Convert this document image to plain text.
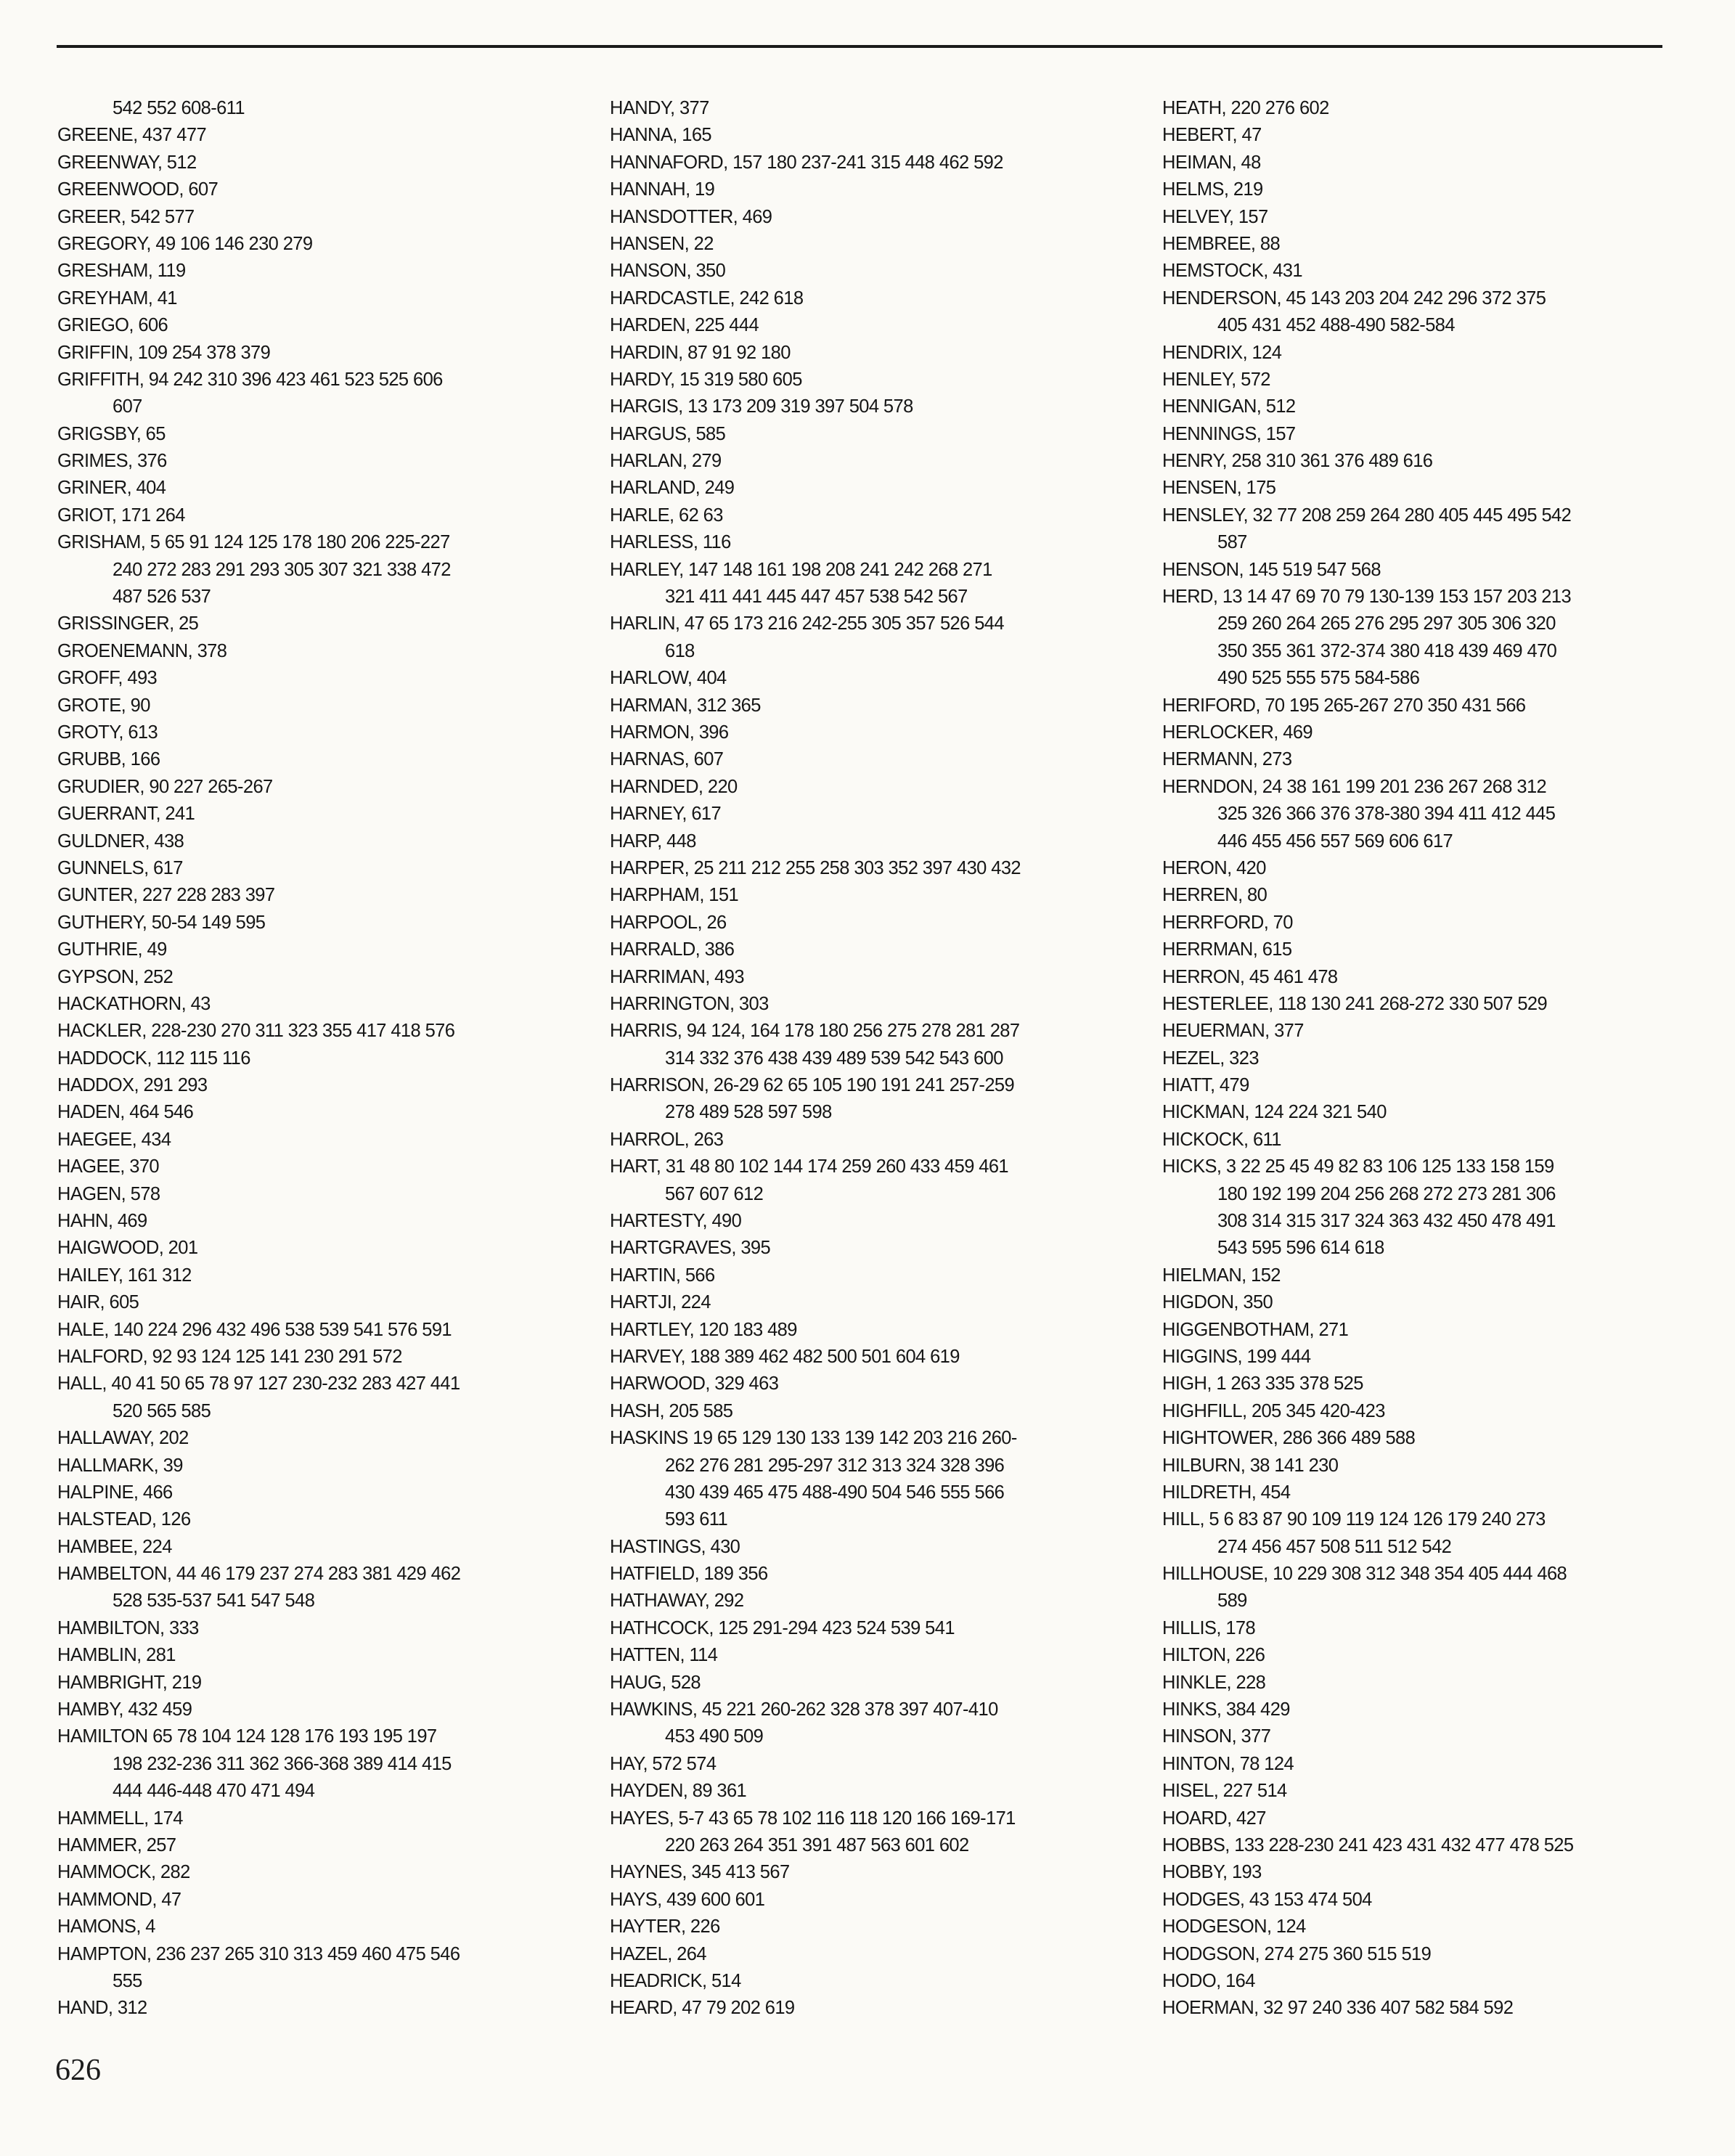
542 552 608-611
GREENE, 437 477
GREENWAY, 512
GREENWOOD, 607
GREER, 542 577
GREGORY, 49 106 146 230 279
GRESHAM, 119
GREYHAM, 41
GRIEGO, 606
GRIFFIN, 109 254 378 379
GRIFFITH, 94 242 310 396 423 461 523 525 606
607
GRIGSBY, 65
GRIMES, 376
GRINER, 404
GRIOT, 171 264
GRISHAM, 5 65 91 124 125 178 180 206 225-227
240 272 283 291 293 305 307 321 338 472
487 526 537
GRISSINGER, 25
GROENEMANN, 378
GROFF, 493
GROTE, 90
GROTY, 613
GRUBB, 166
GRUDIER, 90 227 265-267
GUERRANT, 241
GULDNER, 438
GUNNELS, 617
GUNTER, 227 228 283 397
GUTHERY, 50-54 149 595
GUTHRIE, 49
GYPSON, 252
HACKATHORN, 43
HACKLER, 228-230 270 311 323 355 417 418 576
HADDOCK, 112 115 116
HADDOX, 291 293
HADEN, 464 546
HAEGEE, 434
HAGEE, 370
HAGEN, 578
HAHN, 469
HAIGWOOD, 201
HAILEY, 161 312
HAIR, 605
HALE, 140 224 296 432 496 538 539 541 576 591
HALFORD, 92 93 124 125 141 230 291 572
HALL, 40 41 50 65 78 97 127 230-232 283 427 441
520 565 585
HALLAWAY, 202
HALLMARK, 39
HALPINE, 466
HALSTEAD, 126
HAMBEE, 224
HAMBELTON, 44 46 179 237 274 283 381 429 462
528 535-537 541 547 548
HAMBILTON, 333
HAMBLIN, 281
HAMBRIGHT, 219
HAMBY, 432 459
HAMILTON 65 78 104 124 128 176 193 195 197
198 232-236 311 362 366-368 389 414 415
444 446-448 470 471 494
HAMMELL, 174
HAMMER, 257
HAMMOCK, 282
HAMMOND, 47
HAMONS, 4
HAMPTON, 236 237 265 310 313 459 460 475 546
555
HAND, 312
HANDY, 377
HANNA, 165
HANNAFORD, 157 180 237-241 315 448 462 592
HANNAH, 19
HANSDOTTER, 469
HANSEN, 22
HANSON, 350
HARDCASTLE, 242 618
HARDEN, 225 444
HARDIN, 87 91 92 180
HARDY, 15 319 580 605
HARGIS, 13 173 209 319 397 504 578
HARGUS, 585
HARLAN, 279
HARLAND, 249
HARLE, 62 63
HARLESS, 116
HARLEY, 147 148 161 198 208 241 242 268 271
321 411 441 445 447 457 538 542 567
HARLIN, 47 65 173 216 242-255 305 357 526 544
618
HARLOW, 404
HARMAN, 312 365
HARMON, 396
HARNAS, 607
HARNDED, 220
HARNEY, 617
HARP, 448
HARPER, 25 211 212 255 258 303 352 397 430 432
HARPHAM, 151
HARPOOL, 26
HARRALD, 386
HARRIMAN, 493
HARRINGTON, 303
HARRIS, 94 124, 164 178 180 256 275 278 281 287
314 332 376 438 439 489 539 542 543 600
HARRISON, 26-29 62 65 105 190 191 241 257-259
278 489 528 597 598
HARROL, 263
HART, 31 48 80 102 144 174 259 260 433 459 461
567 607 612
HARTESTY, 490
HARTGRAVES, 395
HARTIN, 566
HARTJI, 224
HARTLEY, 120 183 489
HARVEY, 188 389 462 482 500 501 604 619
HARWOOD, 329 463
HASH, 205 585
HASKINS 19 65 129 130 133 139 142 203 216 260-
262 276 281 295-297 312 313 324 328 396
430 439 465 475 488-490 504 546 555 566
593 611
HASTINGS, 430
HATFIELD, 189 356
HATHAWAY, 292
HATHCOCK, 125 291-294 423 524 539 541
HATTEN, 114
HAUG, 528
HAWKINS, 45 221 260-262 328 378 397 407-410
453 490 509
HAY, 572 574
HAYDEN, 89 361
HAYES, 5-7 43 65 78 102 116 118 120 166 169-171
220 263 264 351 391 487 563 601 602
HAYNES, 345 413 567
HAYS, 439 600 601
HAYTER, 226
HAZEL, 264
HEADRICK, 514
HEARD, 47 79 202 619
HEATH, 220 276 602
HEBERT, 47
HEIMAN, 48
HELMS, 219
HELVEY, 157
HEMBREE, 88
HEMSTOCK, 431
HENDERSON, 45 143 203 204 242 296 372 375
405 431 452 488-490 582-584
HENDRIX, 124
HENLEY, 572
HENNIGAN, 512
HENNINGS, 157
HENRY, 258 310 361 376 489 616
HENSEN, 175
HENSLEY, 32 77 208 259 264 280 405 445 495 542
587
HENSON, 145 519 547 568
HERD, 13 14 47 69 70 79 130-139 153 157 203 213
259 260 264 265 276 295 297 305 306 320
350 355 361 372-374 380 418 439 469 470
490 525 555 575 584-586
HERIFORD, 70 195 265-267 270 350 431 566
HERLOCKER, 469
HERMANN, 273
HERNDON, 24 38 161 199 201 236 267 268 312
325 326 366 376 378-380 394 411 412 445
446 455 456 557 569 606 617
HERON, 420
HERREN, 80
HERRFORD, 70
HERRMAN, 615
HERRON, 45 461 478
HESTERLEE, 118 130 241 268-272 330 507 529
HEUERMAN, 377
HEZEL, 323
HIATT, 479
HICKMAN, 124 224 321 540
HICKOCK, 611
HICKS, 3 22 25 45 49 82 83 106 125 133 158 159
180 192 199 204 256 268 272 273 281 306
308 314 315 317 324 363 432 450 478 491
543 595 596 614 618
HIELMAN, 152
HIGDON, 350
HIGGENBOTHAM, 271
HIGGINS, 199 444
HIGH, 1 263 335 378 525
HIGHFILL, 205 345 420-423
HIGHTOWER, 286 366 489 588
HILBURN, 38 141 230
HILDRETH, 454
HILL, 5 6 83 87 90 109 119 124 126 179 240 273
274 456 457 508 511 512 542
HILLHOUSE, 10 229 308 312 348 354 405 444 468
589
HILLIS, 178
HILTON, 226
HINKLE, 228
HINKS, 384 429
HINSON, 377
HINTON, 78 124
HISEL, 227 514
HOARD, 427
HOBBS, 133 228-230 241 423 431 432 477 478 525
HOBBY, 193
HODGES, 43 153 474 504
HODGESON, 124
HODGSON, 274 275 360 515 519
HODO, 164
HOERMAN, 32 97 240 336 407 582 584 592
626
